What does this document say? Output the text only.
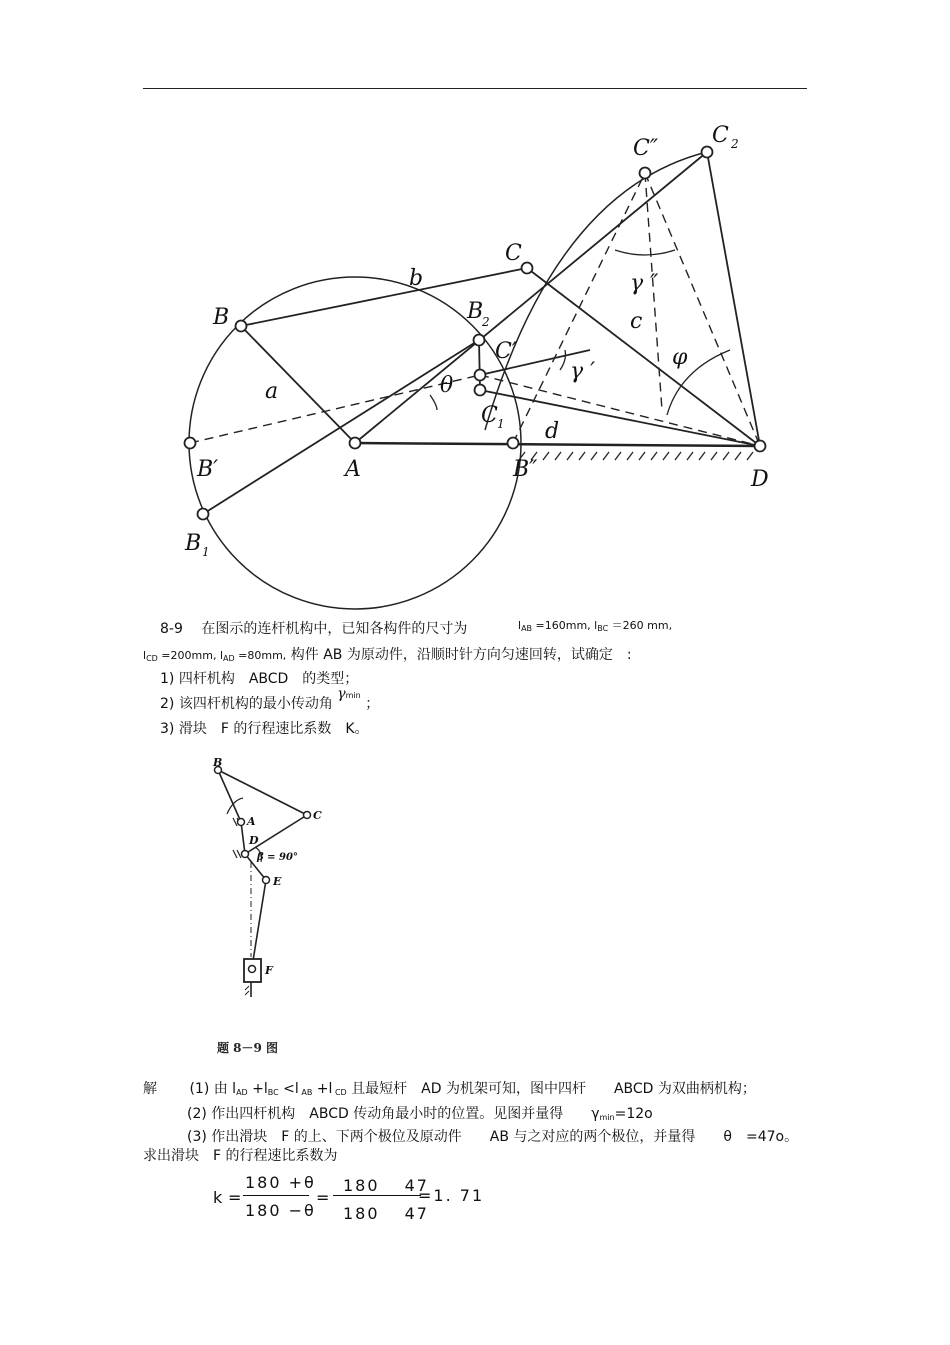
B
b
C
C″
C 2
B
2
C′
γ ″
c
a	θ
γ ′
φ
C 1 d
B′	A	B″	D
B 1
8-9 　 在图示的连杆机构中，已知各构件的尺寸为	$l_{AB} =160mm$, $l_{BC} =260$ mm,
$l_{CD} =200mm$, $l_{AD} =80mm$, 构件 AB 为原动件，沿顺时针方向匀速回转，试确定　:
1) 四杆机构　ABCD　的类型；
2) 该四杆机构的最小传动角 $\gamma^{min}$ ；
3) 滑块　F 的行程速比系数　K。
B
A	C
D
β = 90°
E
F
题 8－9 图
解 　　 (1) 由 $l_{AD} +l_{BC} <l$ $_{AB}$ +l $_{CD}$ 且最短杆　AD 为机架可知，图中四杆　　ABCD 为双曲柄机构；
(2) 作出四杆机构　ABCD 传动角最小时的位置。见图并量得　　$\gamma_{min}=12o$
(3) 作出滑块　F 的上、下两个极位及原动件　　AB 与之对应的两个极位，并量得　　θ　=47o。
求出滑块　F 的行程速比系数为
k =
180 +θ
180 −θ
=
180 　47
180 　47
=1. 71
